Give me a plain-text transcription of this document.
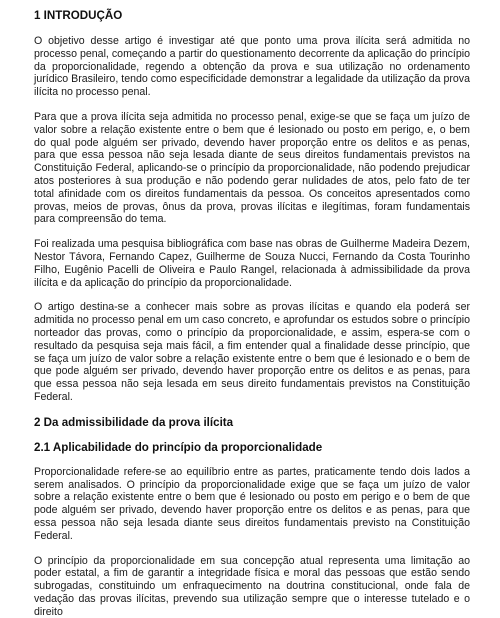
1 INTRODUÇÃO

O objetivo desse artigo é investigar até que ponto uma prova ilícita será admitida no processo penal, começando a partir do questionamento decorrente da aplicação do princípio da proporcionalidade, regendo a obtenção da prova e sua utilização no ordenamento jurídico Brasileiro, tendo como especificidade demonstrar a legalidade da utilização da prova ilícita no processo penal.

Para que a prova ilícita seja admitida no processo penal, exige-se que se faça um juízo de valor sobre a relação existente entre o bem que é lesionado ou posto em perigo, e, o bem do qual pode alguém ser privado, devendo haver proporção entre os delitos e as penas, para que essa pessoa não seja lesada diante de seus direitos fundamentais previstos na Constituição Federal, aplicando-se o princípio da proporcionalidade, não podendo prejudicar atos posteriores à sua produção e não podendo gerar nulidades de atos, pelo fato de ter total afinidade com os direitos fundamentais da pessoa. Os conceitos apresentados como provas, meios de provas, ônus da prova, provas ilícitas e ilegítimas, foram fundamentais para compreensão do tema.

Foi realizada uma pesquisa bibliográfica com base nas obras de Guilherme Madeira Dezem, Nestor Távora, Fernando Capez, Guilherme de Souza Nucci, Fernando da Costa Tourinho Filho, Eugênio Pacelli de Oliveira e Paulo Rangel, relacionada à admissibilidade da prova ilícita e da aplicação do princípio da proporcionalidade.

O artigo destina-se a conhecer mais sobre as provas ilícitas e quando ela poderá ser admitida no processo penal em um caso concreto, e aprofundar os estudos sobre o princípio norteador das provas, como o princípio da proporcionalidade, e assim, espera-se com o resultado da pesquisa seja mais fácil, a fim entender qual a finalidade desse princípio, que se faça um juízo de valor sobre a relação existente entre o bem que é lesionado e o bem de que pode alguém ser privado, devendo haver proporção entre os delitos e as penas, para que essa pessoa não seja lesada em seus direito fundamentais previstos na Constituição Federal.

2 Da admissibilidade da prova ilícita
2.1 Aplicabilidade do princípio da proporcionalidade

Proporcionalidade refere-se ao equilíbrio entre as partes, praticamente tendo dois lados a serem analisados. O princípio da proporcionalidade exige que se faça um juízo de valor sobre a relação existente entre o bem que é lesionado ou posto em perigo e o bem de que pode alguém ser privado, devendo haver proporção entre os delitos e as penas, para que essa pessoa não seja lesada diante seus direitos fundamentais previsto na Constituição Federal.

O princípio da proporcionalidade em sua concepção atual representa uma limitação ao poder estatal, a fim de garantir a integridade física e moral das pessoas que estão sendo subrogadas, constituindo um enfraquecimento na doutrina constitucional, onde fala de vedação das provas ilícitas, prevendo sua utilização sempre que o interesse tutelado e o direito
